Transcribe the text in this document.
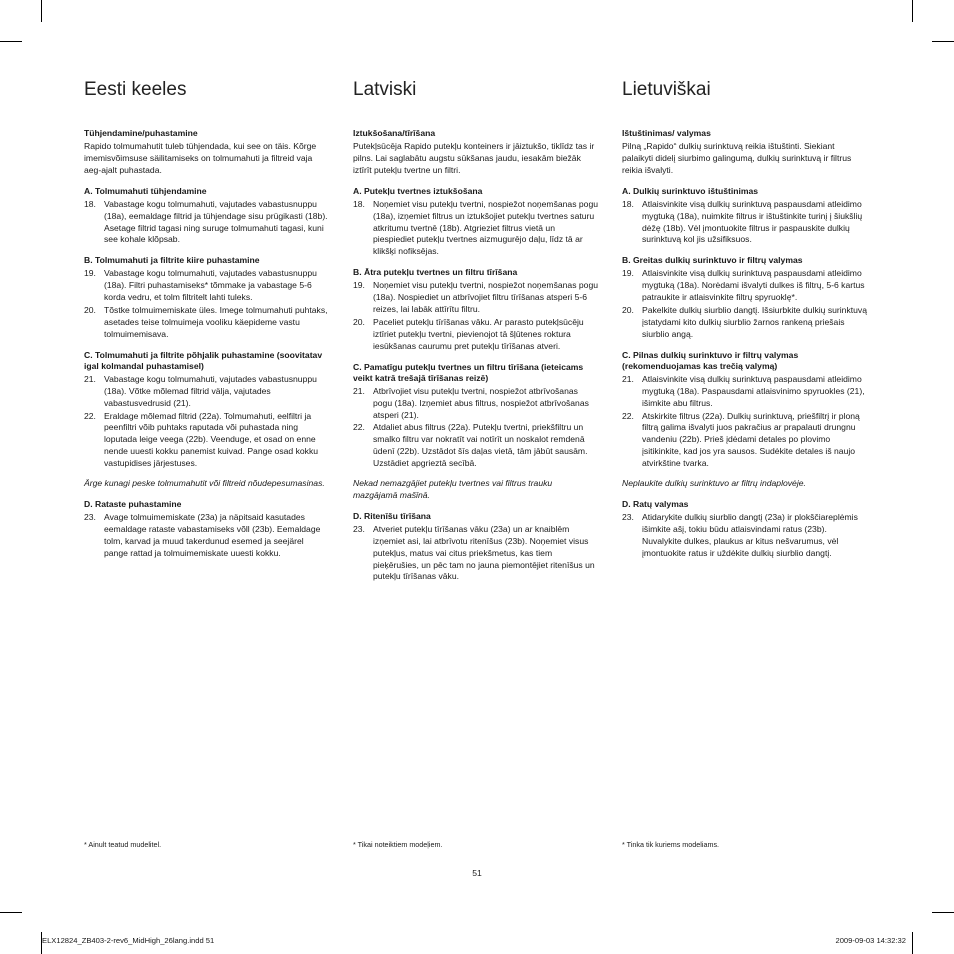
Eesti keeles
Tühjendamine/puhastamine

Rapido tolmumahutit tuleb tühjendada, kui see on täis. Kõrge imemisvõimsuse säilitamiseks on tolmumahuti ja filtreid vaja aeg-ajalt puhastada.

A. Tolmumahuti tühjendamine
18. Vabastage kogu tolmumahuti, vajutades vabastusnuppu (18a), eemaldage filtrid ja tühjendage sisu prügikasti (18b). Asetage filtrid tagasi ning suruge tolmumahuti tagasi, kuni see kohale klõpsab.
B. Tolmumahuti ja filtrite kiire puhastamine
19. Vabastage kogu tolmumahuti, vajutades vabastusnuppu (18a). Filtri puhastamiseks* tõmmake ja vabastage 5-6 korda vedru, et tolm filtritelt lahti tuleks.
20. Tõstke tolmuimemiskate üles. Imege tolmumahuti puhtaks, asetades teise tolmuimeja vooliku käepideme vastu tolmuimemisava.
C. Tolmumahuti ja filtrite põhjalik puhastamine (soovitatav igal kolmandal puhastamisel)
21. Vabastage kogu tolmumahuti, vajutades vabastusnuppu (18a). Võtke mõlemad filtrid välja, vajutades vabastusvedrusid (21).
22. Eraldage mõlemad filtrid (22a). Tolmumahuti, eelfiltri ja peenfiltri võib puhtaks raputada või puhastada ning loputada leige veega (22b). Veenduge, et osad on enne nende uuesti kokku panemist kuivad. Pange osad kokku vastupidises järjestuses.

Ärge kunagi peske tolmumahutit või filtreid nõudepesumasinas.

D. Rataste puhastamine
23. Avage tolmuimemiskate (23a) ja näpitsaid kasutades eemaldage rataste vabastamiseks võll (23b). Eemaldage tolm, karvad ja muud takerdunud esemed ja seejärel pange rattad ja tolmuimemiskate uuesti kokku.
Latviski
Iztukšošana/tīrīšana

Putekļsūcēja Rapido putekļu konteiners ir jāiztukšo, tiklīdz tas ir pilns. Lai saglabātu augstu sūkšanas jaudu, iesakām biežāk iztīrīt putekļu tvertne un filtri.

A. Putekļu tvertnes iztukšošana
18. Noņemiet visu putekļu tvertni, nospiežot noņemšanas pogu (18a), izņemiet filtrus un iztukšojiet putekļu tvertnes saturu atkritumu tvertnē (18b). Atgrieziet filtrus vietā un piespiediet putekļu tvertnes aizmugurējo daļu, līdz tā ar klikšķi nofiksējas.
B. Ātra putekļu tvertnes un filtru tīrīšana
19. Noņemiet visu putekļu tvertni, nospiežot noņemšanas pogu (18a). Nospiediet un atbrīvojiet filtru tīrīšanas atsperi 5-6 reizes, lai labāk attīrītu filtru.
20. Paceliet putekļu tīrīšanas vāku. Ar parasto putekļsūcēju iztīriet putekļu tvertni, pievienojot tā šļūtenes roktura iesūkšanas caurumu pret putekļu tīrīšanas atveri.
C. Pamatīgu putekļu tvertnes un filtru tīrīšana (ieteicams veikt katrā trešajā tīrīšanas reizē)
21. Atbrīvojiet visu putekļu tvertni, nospiežot atbrīvošanas pogu (18a). Izņemiet abus filtrus, nospiežot atbrīvošanas atsperi (21).
22. Atdaliet abus filtrus (22a). Putekļu tvertni, priekšfiltru un smalko filtru var nokratīt vai notīrīt un noskalot remdenā ūdenī (22b). Uzstādot šīs daļas vietā, tām jābūt sausām. Uzstādiet apgrieztā secībā.

Nekad nemazgājiet putekļu tvertnes vai filtrus trauku mazgājamā mašīnā.

D. Ritenīšu tīrīšana
23. Atveriet putekļu tīrīšanas vāku (23a) un ar knaiblēm izņemiet asi, lai atbrīvotu ritenīšus (23b). Noņemiet visus putekļus, matus vai citus priekšmetus, kas tiem pieķērušies, un pēc tam no jauna piemontējiet ritenīšus un putekļu tīrīšanas vāku.
Lietuviškai
Ištuštinimas/ valymas

Pilną „Rapido“ dulkių surinktuvą reikia ištuštinti. Siekiant palaikyti didelį siurbimo galingumą, dulkių surinktuvą ir filtrus reikia išvalyti.

A. Dulkių surinktuvo ištuštinimas
18. Atlaisvinkite visą dulkių surinktuvą paspausdami atleidimo mygtuką (18a), nuimkite filtrus ir ištuštinkite turinį į šiukšlių dėžę (18b). Vėl įmontuokite filtrus ir paspauskite dulkių surinktuvą kol jis užsifiksuos.
B. Greitas dulkių surinktuvo ir filtrų valymas
19. Atlaisvinkite visą dulkių surinktuvą paspausdami atleidimo mygtuką (18a). Norėdami išvalyti dulkes iš filtrų, 5-6 kartus patraukite ir atlaisvinkite filtrų spyruoklę*.
20. Pakelkite dulkių siurblio dangtį. Išsiurbkite dulkių surinktuvą įstatydami kito dulkių siurblio žarnos rankeną priešais siurblio angą.
C. Pilnas dulkių surinktuvo ir filtrų valymas (rekomenduojamas kas trečią valymą)
21. Atlaisvinkite visą dulkių surinktuvą paspausdami atleidimo mygtuką (18a). Paspausdami atlaisvinimo spyruokles (21), išimkite abu filtrus.
22. Atskirkite filtrus (22a). Dulkių surinktuvą, priešfiltrį ir ploną filtrą galima išvalyti juos pakračius ar prapalauti drungnu vandeniu (22b). Prieš įdėdami detales po plovimo įsitikinkite, kad jos yra sausos. Sudėkite detales iš naujo atvirkštine tvarka.

Neplaukite dulkių surinktuvo ar filtrų indaplovėje.

D. Ratų valymas
23. Atidarykite dulkių siurblio dangtį (23a) ir plokščiareplėmis išimkite ašį, tokiu būdu atlaisvindami ratus (23b). Nuvalykite dulkes, plaukus ar kitus nešvarumus, vėl įmontuokite ratus ir uždėkite dulkių siurblio dangtį.
* Ainult teatud mudelitel.	* Tikai noteiktiem modeļiem.	* Tinka tik kuriems modeliams.
51
ELX12824_ZB403-2-rev6_MidHigh_26lang.indd 51	2009-09-03 14:32:32
